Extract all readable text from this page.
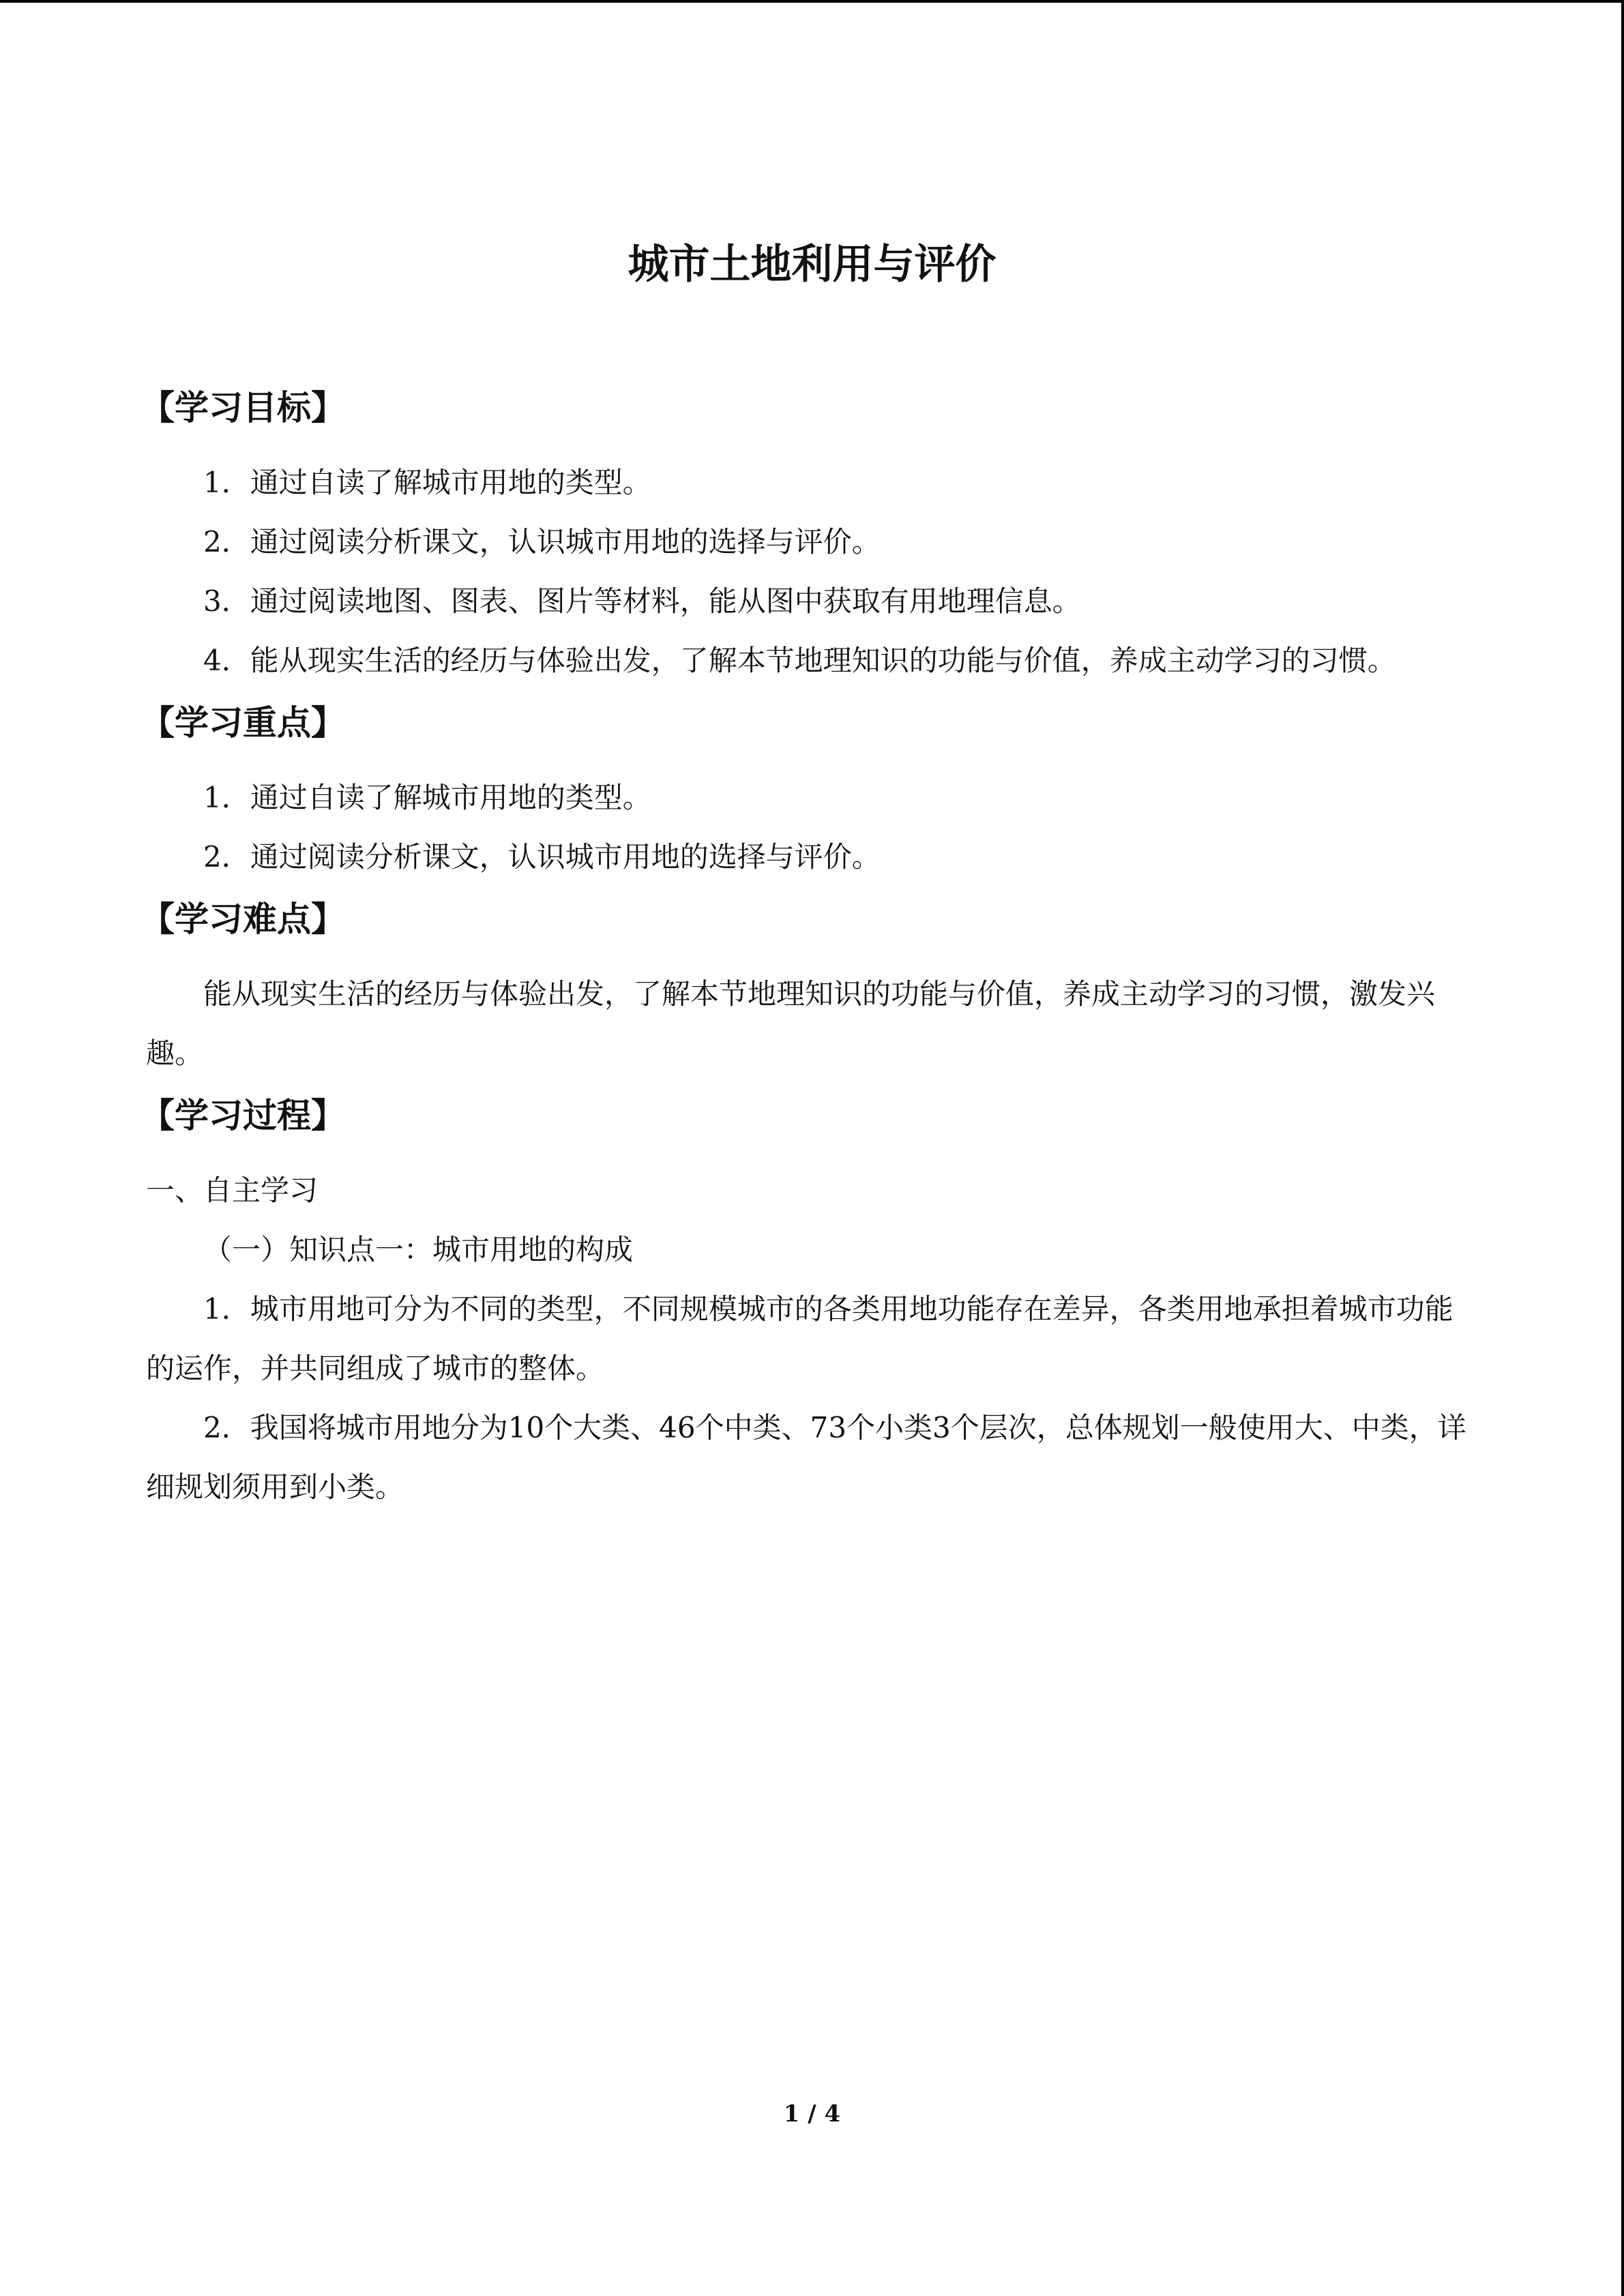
城市土地利用与评价
【学习目标】

1．通过自读了解城市用地的类型。

2．通过阅读分析课文，认识城市用地的选择与评价。

3．通过阅读地图、图表、图片等材料，能从图中获取有用地理信息。

4．能从现实生活的经历与体验出发，了解本节地理知识的功能与价值，养成主动学习的习惯。

【学习重点】

1．通过自读了解城市用地的类型。

2．通过阅读分析课文，认识城市用地的选择与评价。

【学习难点】

能从现实生活的经历与体验出发，了解本节地理知识的功能与价值，养成主动学习的习惯，激发兴趣。

【学习过程】

一、自主学习

（一）知识点一：城市用地的构成

1．城市用地可分为不同的类型，不同规模城市的各类用地功能存在差异，各类用地承担着城市功能的运作，并共同组成了城市的整体。

2．我国将城市用地分为10个大类、46个中类、73个小类3个层次，总体规划一般使用大、中类，详细规划须用到小类。

1 / 4
